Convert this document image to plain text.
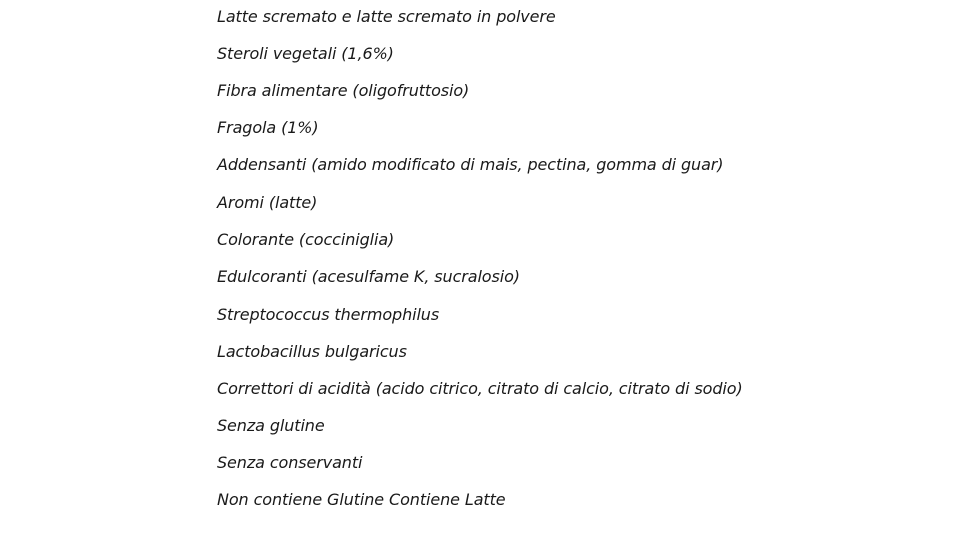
Latte scremato e latte scremato in polvere
Steroli vegetali (1,6%)
Fibra alimentare (oligofruttosio)
Fragola (1%)
Addensanti (amido modificato di mais, pectina, gomma di guar)
Aromi (latte)
Colorante (cocciniglia)
Edulcoranti (acesulfame K, sucralosio)
Streptococcus thermophilus
Lactobacillus bulgaricus
Correttori di acidità (acido citrico, citrato di calcio, citrato di sodio)
Senza glutine
Senza conservanti
Non contiene Glutine Contiene Latte
